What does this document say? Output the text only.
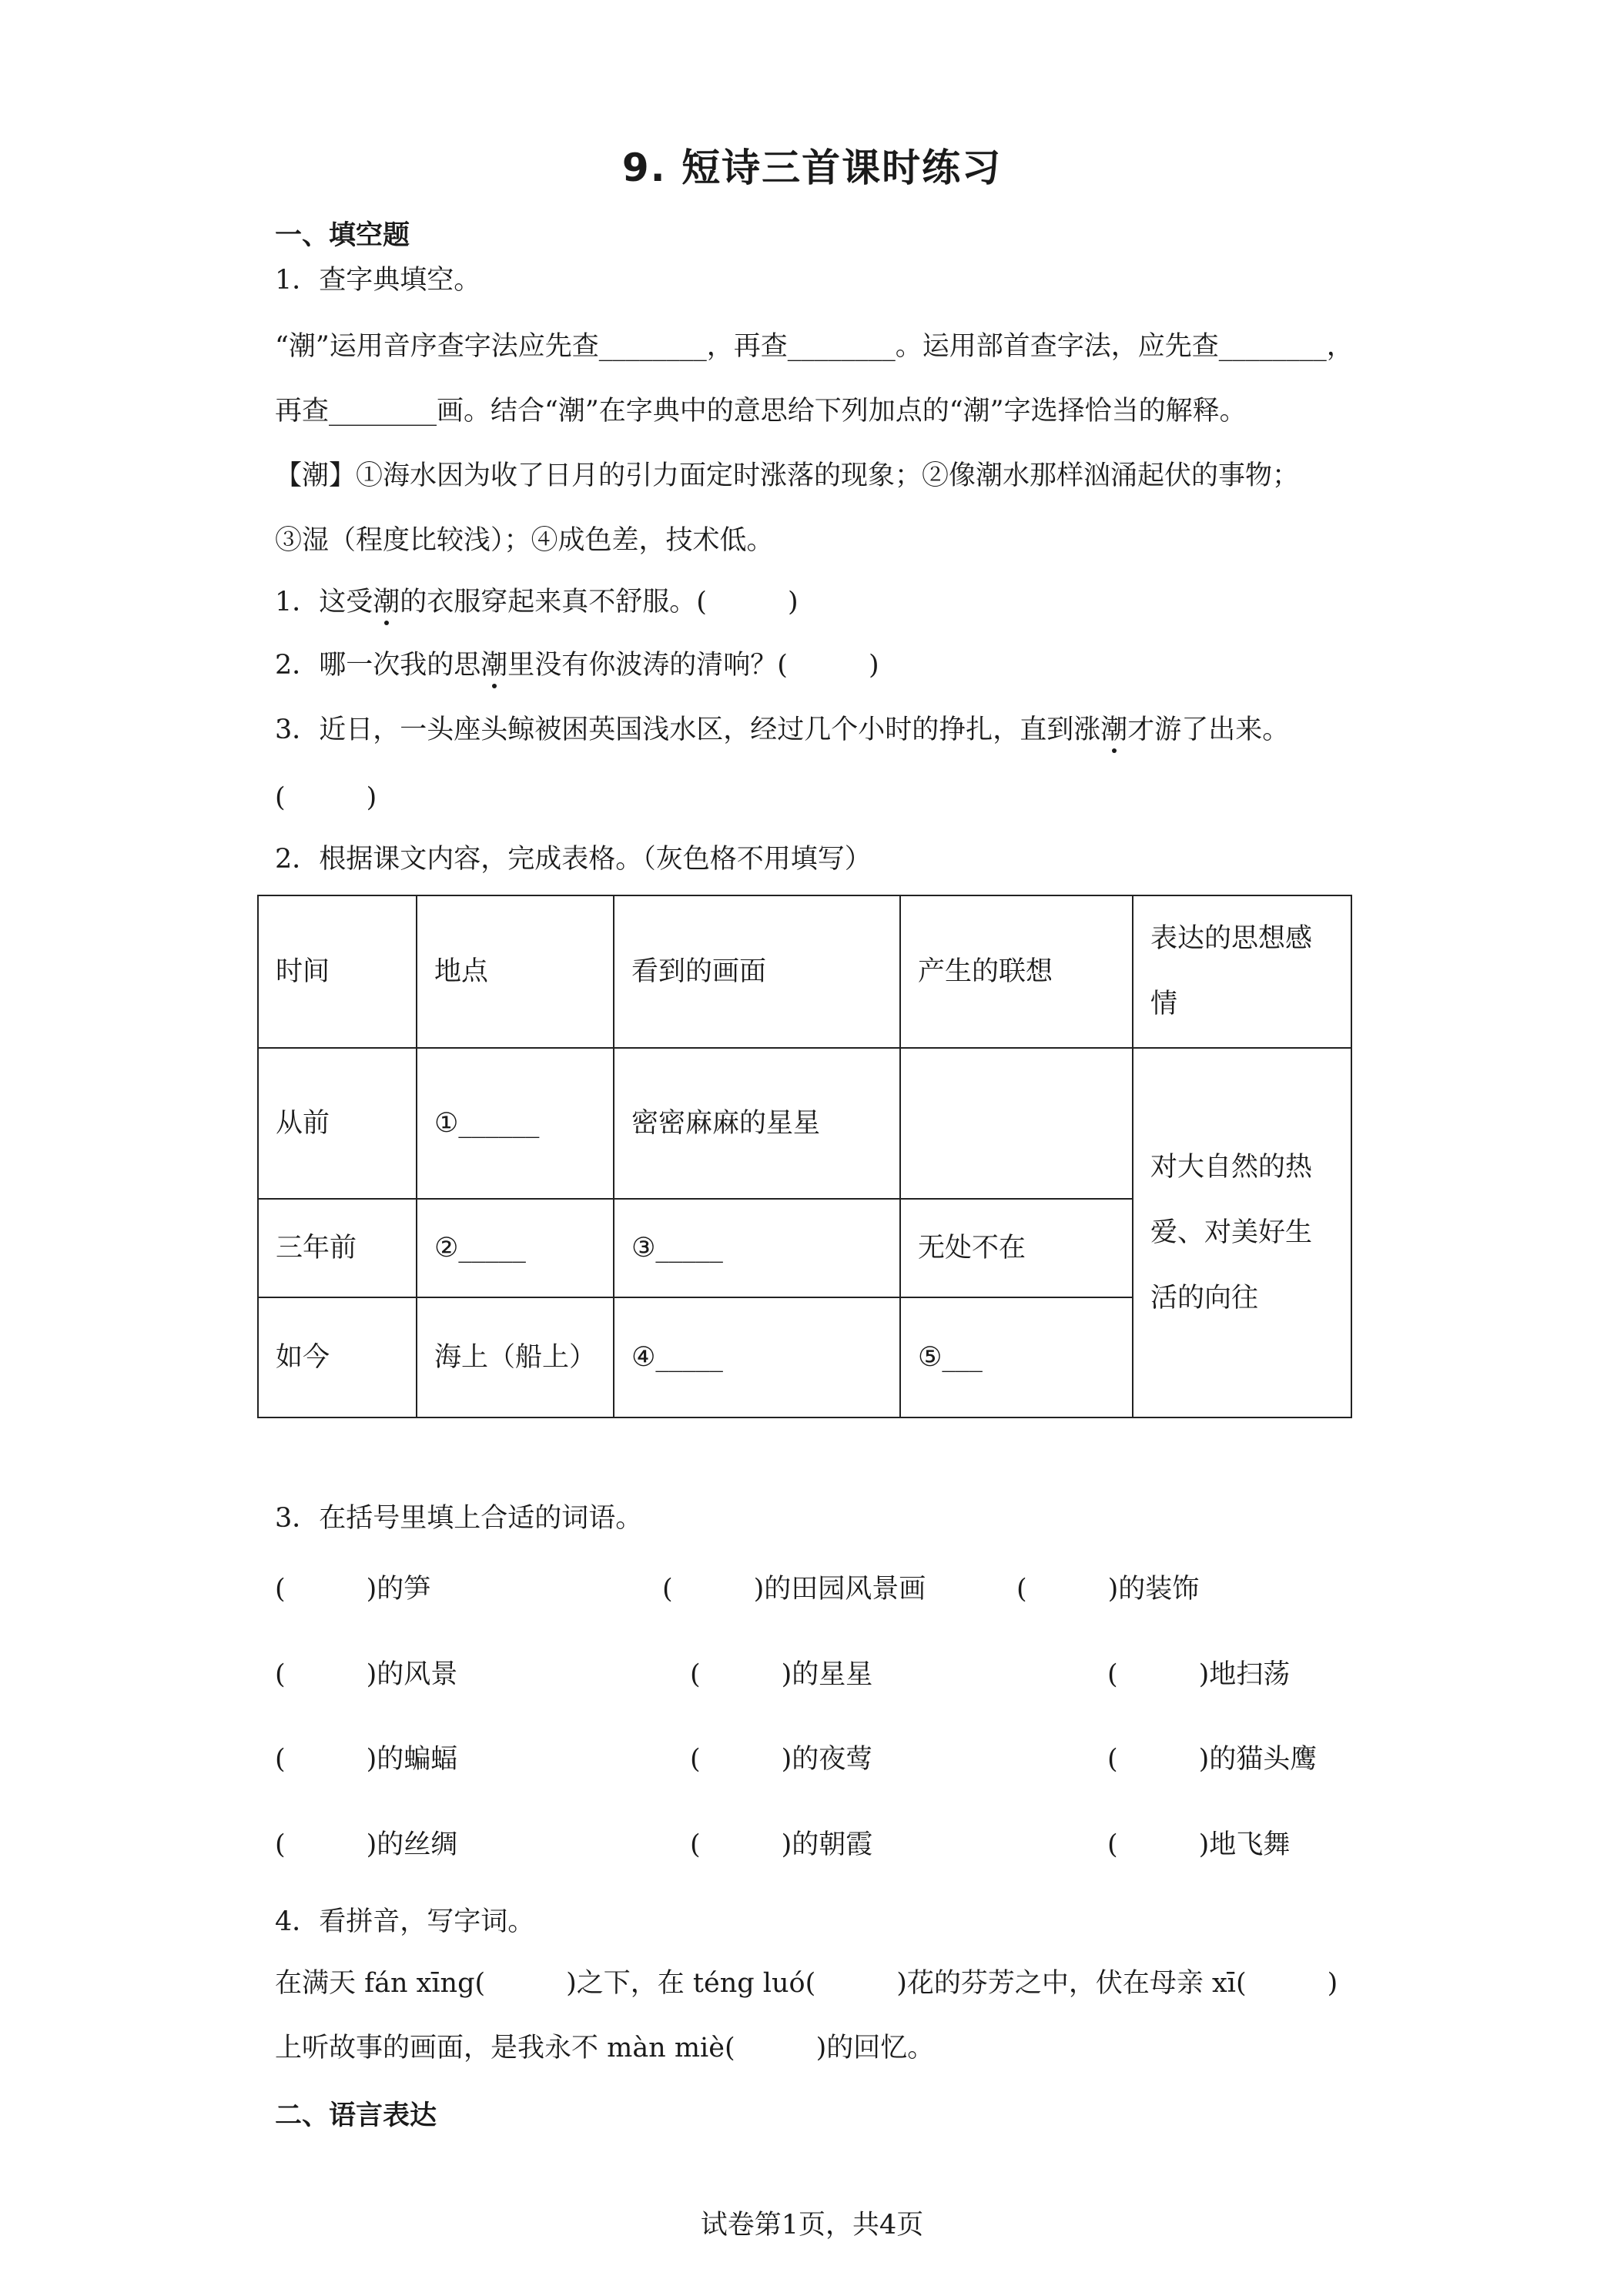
9. 短诗三首课时练习
一、填空题
1．查字典填空。
“潮”运用音序查字法应先查________，再查________。运用部首查字法，应先查________，
再查________画。结合“潮”在字典中的意思给下列加点的“潮”字选择恰当的解释。
【潮】①海水因为收了日月的引力面定时涨落的现象；②像潮水那样汹涌起伏的事物；
③湿（程度比较浅）；④成色差，技术低。
1．这受潮的衣服穿起来真不舒服。(　　　)
2．哪一次我的思潮里没有你波涛的清响？(　　　)
3．近日，一头座头鲸被困英国浅水区，经过几个小时的挣扎，直到涨潮才游了出来。
(　　　)
2．根据课文内容，完成表格。（灰色格不用填写）
时间	地点	看到的画面	产生的联想	表达的思想感
情

从前	①______	密密麻麻的星星		对大自然的热
爱、对美好生
活的向往

三年前	②_____	③_____	无处不在	
如今	海上（船上）	④_____	⑤___	
3．在括号里填上合适的词语。
(　　　)的笋	(　　　)的田园风景画	(　　　)的装饰
(　　　)的风景	(　　　)的星星	(　　　)地扫荡
(　　　)的蝙蝠	(　　　)的夜莺	(　　　)的猫头鹰
(　　　)的丝绸	(　　　)的朝霞	(　　　)地飞舞
4．看拼音，写字词。
在满天 fán xīng(　　　)之下，在 téng luó(　　　)花的芬芳之中，伏在母亲 xī(　　　)
上听故事的画面，是我永不 màn miè(　　　)的回忆。
二、语言表达
试卷第1页，共4页
